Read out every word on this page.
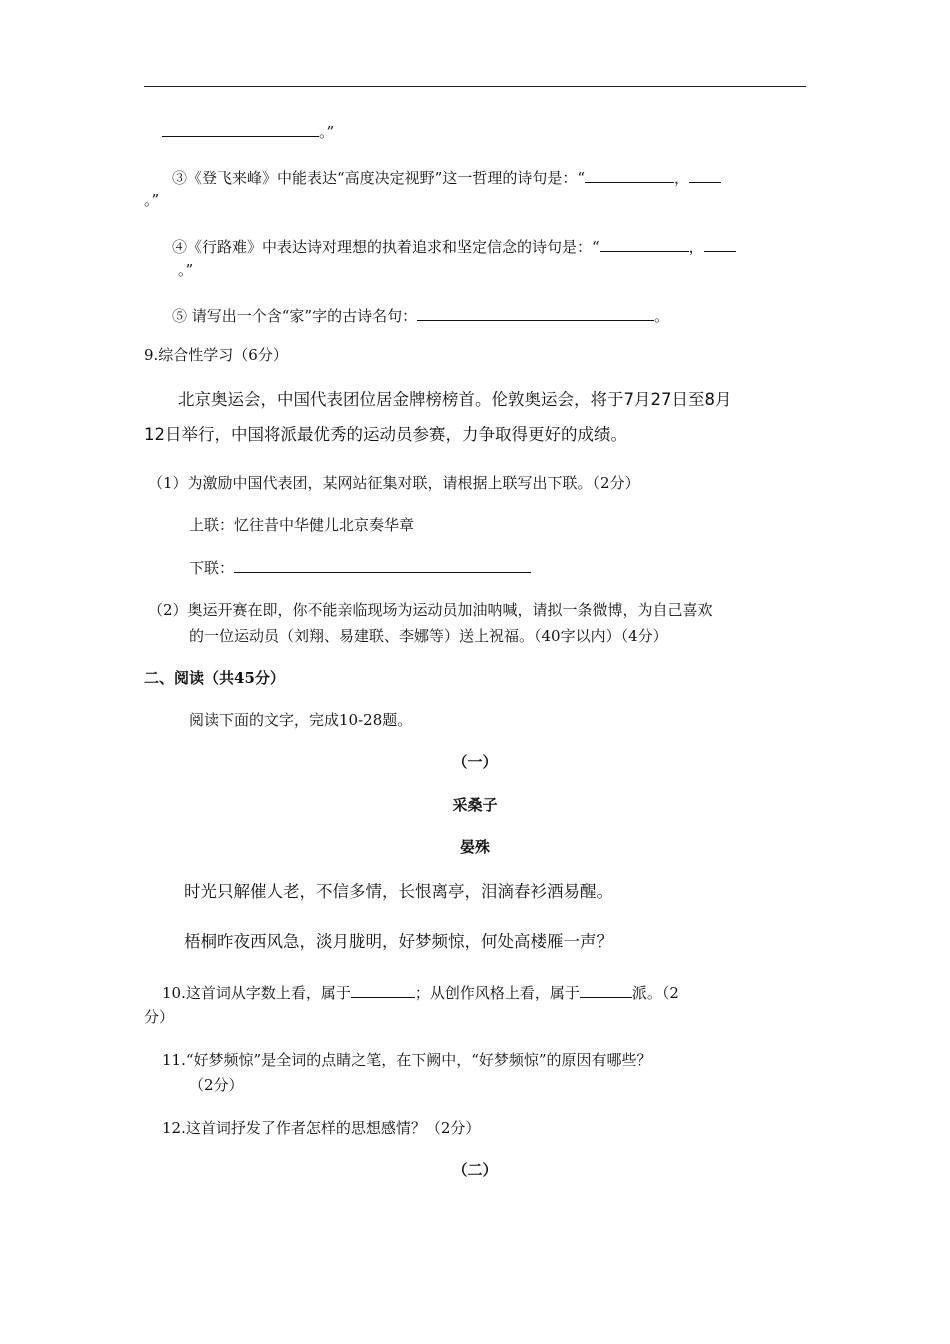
。”
③《登飞来峰》中能表达“高度决定视野”这一哲理的诗句是：“	，
。”
④《行路难》中表达诗对理想的执着追求和坚定信念的诗句是：“	，
。”
⑤ 请写出一个含“家”字的古诗名句：	。
9.综合性学习（6分）
北京奥运会，中国代表团位居金牌榜榜首。伦敦奥运会，将于7月27日至8月
12日举行，中国将派最优秀的运动员参赛，力争取得更好的成绩。
（1）为激励中国代表团，某网站征集对联，请根据上联写出下联。（2分）
上联：忆往昔中华健儿北京奏华章
下联：
（2）奥运开赛在即，你不能亲临现场为运动员加油呐喊，请拟一条微博，为自己喜欢
的一位运动员（刘翔、易建联、李娜等）送上祝福。（40字以内）（4分）
二、阅读（共45分）
阅读下面的文字，完成10-28题。
（一）
采桑子
晏殊
时光只解催人老，不信多情，长恨离亭，泪滴春衫酒易醒。
梧桐昨夜西风急，淡月胧明，好梦频惊，何处高楼雁一声？
10.这首词从字数上看，属于	；从创作风格上看，属于	派。（2
分）
11.“好梦频惊”是全词的点睛之笔，在下阙中，“好梦频惊”的原因有哪些？
（2分）
12.这首词抒发了作者怎样的思想感情？（2分）
（二）
